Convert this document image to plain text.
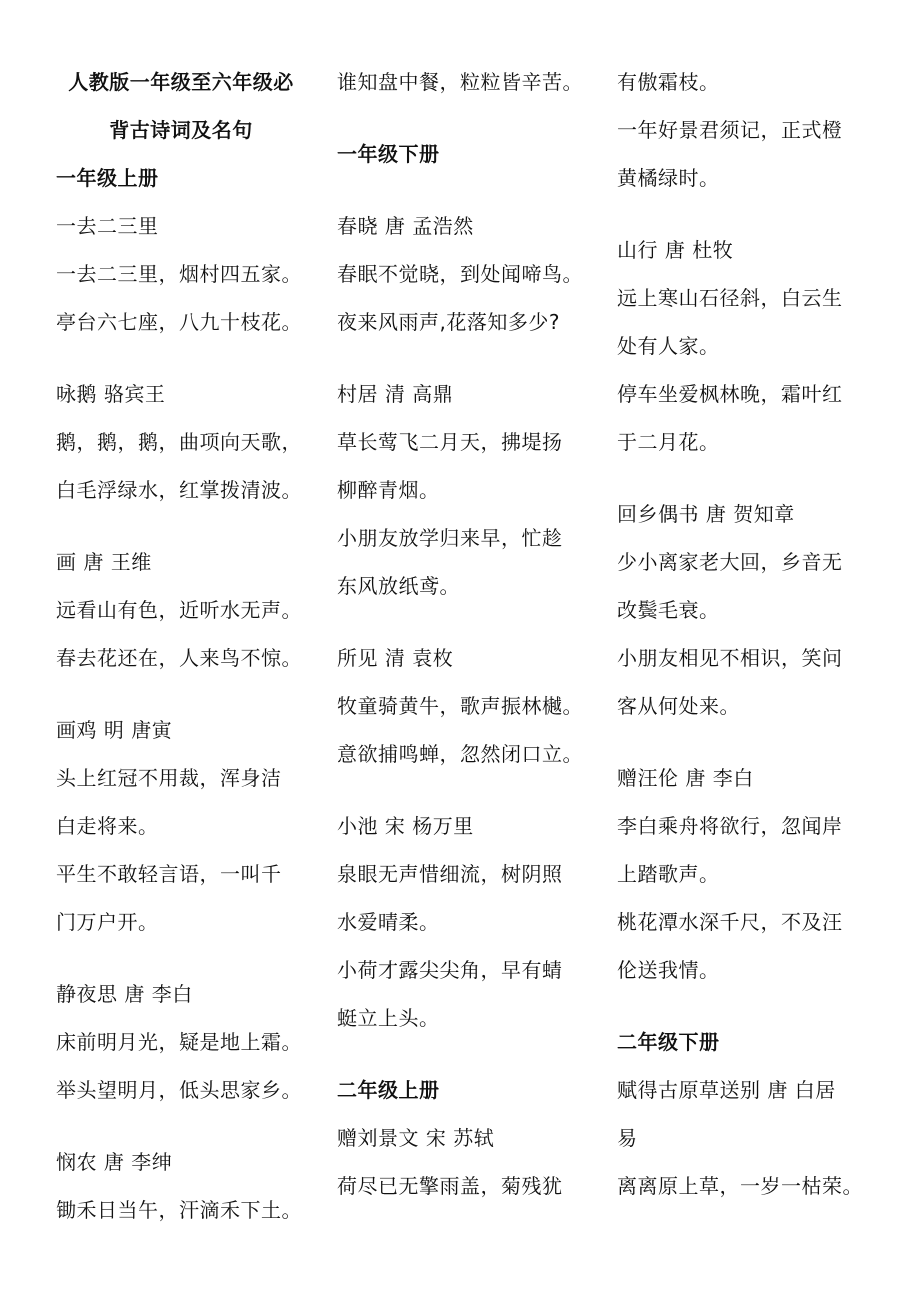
人教版一年级至六年级必
背古诗词及名句
一年级上册
一去二三里
一去二三里，烟村四五家。
亭台六七座，八九十枝花。
咏鹅 骆宾王
鹅，鹅，鹅，曲项向天歌，
白毛浮绿水，红掌拨清波。
画 唐 王维
远看山有色，近听水无声。
春去花还在，人来鸟不惊。
画鸡 明 唐寅
头上红冠不用裁，浑身洁
白走将来。
平生不敢轻言语，一叫千
门万户开。
静夜思 唐 李白
床前明月光，疑是地上霜。
举头望明月，低头思家乡。
悯农 唐 李绅
锄禾日当午，汗滴禾下土。
谁知盘中餐，粒粒皆辛苦。
一年级下册
春晓 唐 孟浩然
春眠不觉晓，到处闻啼鸟。
夜来风雨声,花落知多少?
村居 清 高鼎
草长莺飞二月天，拂堤扬
柳醉青烟。
小朋友放学归来早，忙趁
东风放纸鸢。
所见 清 袁枚
牧童骑黄牛，歌声振林樾。
意欲捕鸣蝉，忽然闭口立。
小池 宋 杨万里
泉眼无声惜细流，树阴照
水爱晴柔。
小荷才露尖尖角，早有蜻
蜓立上头。
二年级上册
赠刘景文 宋 苏轼
荷尽已无擎雨盖，菊残犹
有傲霜枝。
一年好景君须记，正式橙
黄橘绿时。
山行 唐 杜牧
远上寒山石径斜，白云生
处有人家。
停车坐爱枫林晚，霜叶红
于二月花。
回乡偶书 唐 贺知章
少小离家老大回，乡音无
改鬓毛衰。
小朋友相见不相识，笑问
客从何处来。
赠汪伦 唐 李白
李白乘舟将欲行，忽闻岸
上踏歌声。
桃花潭水深千尺，不及汪
伦送我情。
二年级下册
赋得古原草送别 唐 白居
易
离离原上草，一岁一枯荣。
